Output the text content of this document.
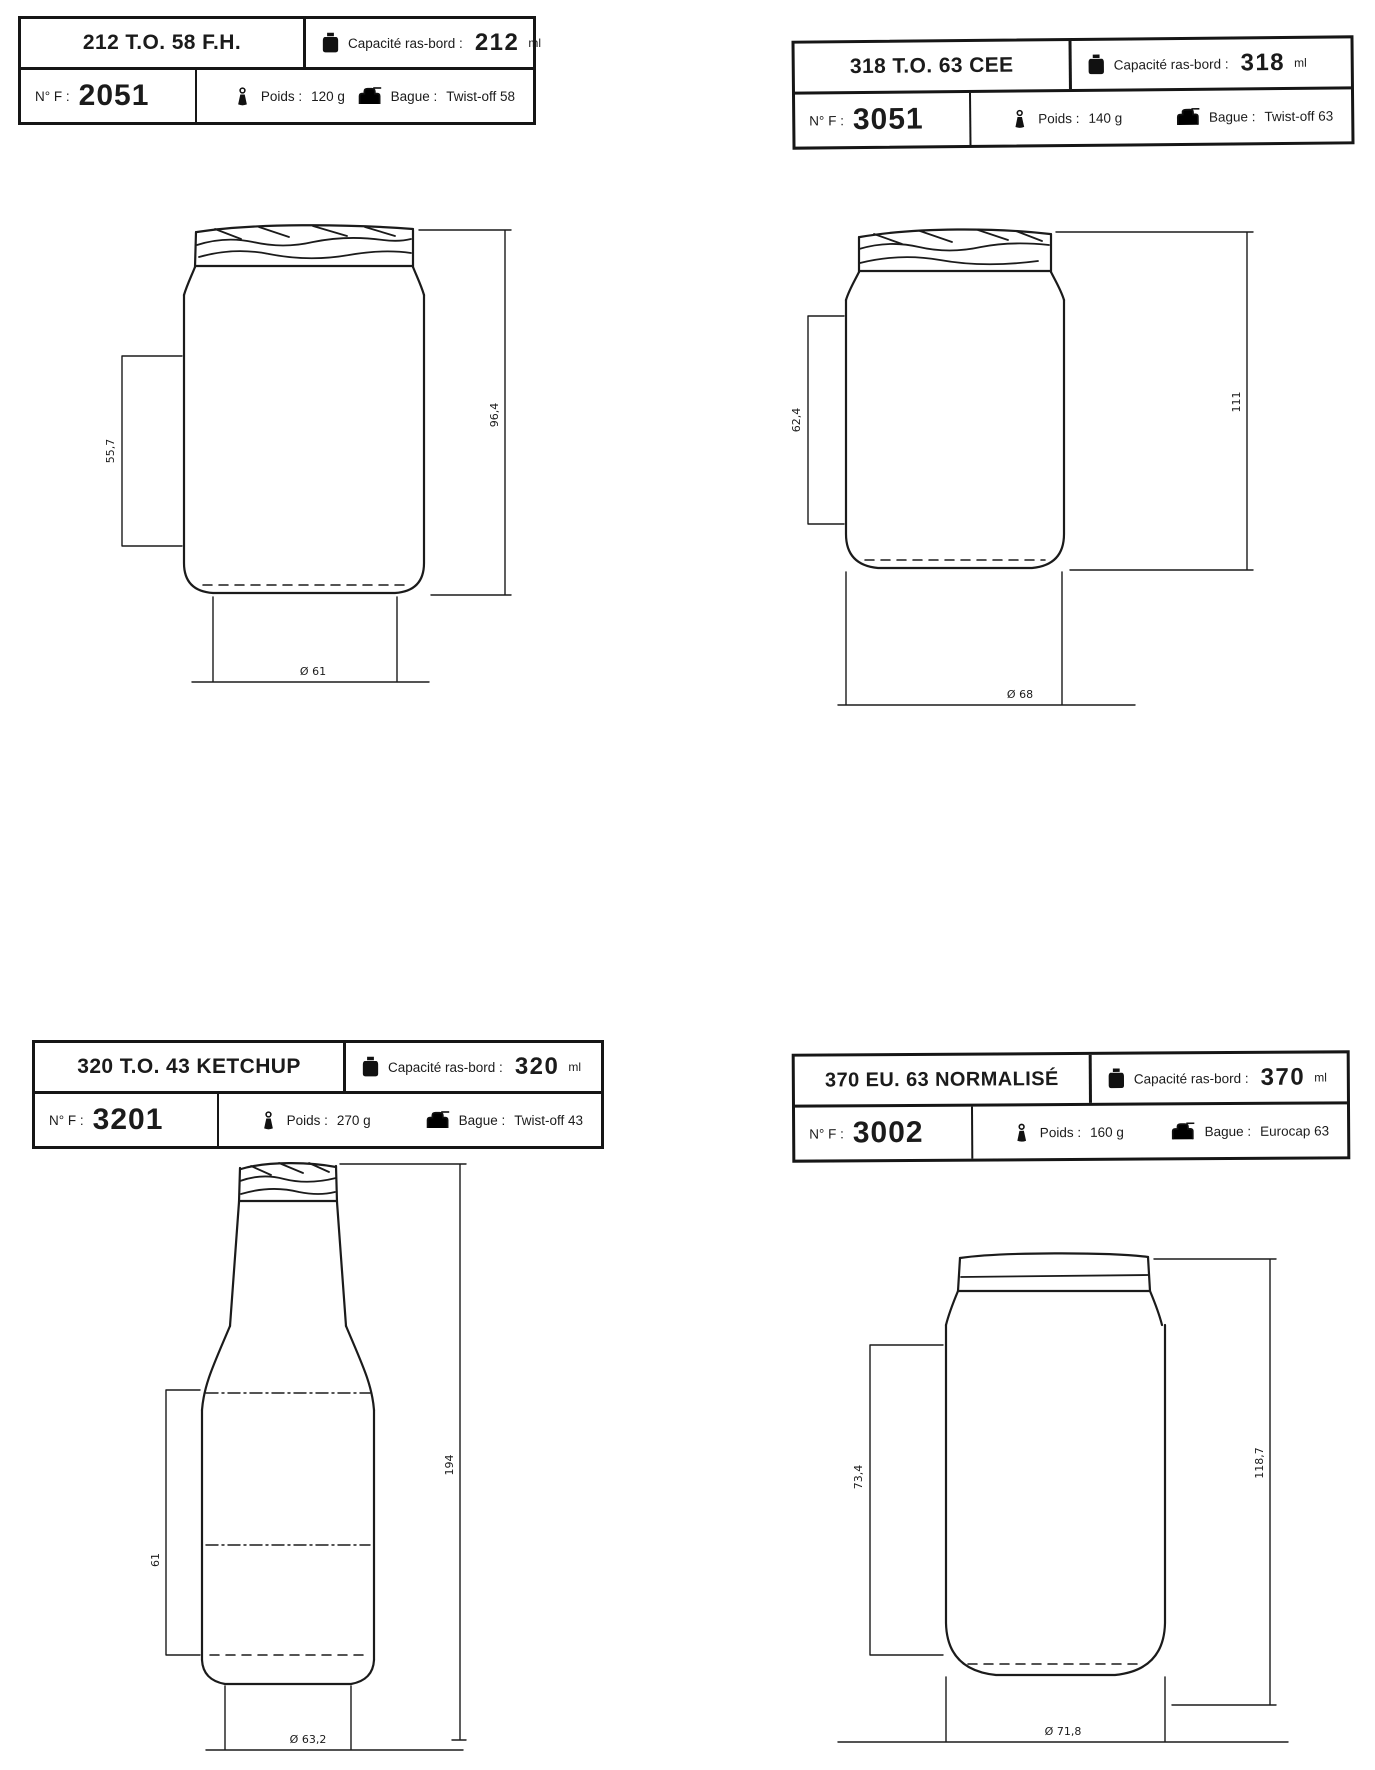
212 T.O. 58 F.H.	Capacité ras-bord : 212 ml
N° F : 2051	Poids : 120 g	Bague : Twist-off 58
318 T.O. 63 CEE	Capacité ras-bord : 318 ml
N° F : 3051	Poids : 140 g	Bague : Twist-off 63
320 T.O. 43 KETCHUP	Capacité ras-bord : 320 ml
N° F : 3201	Poids : 270 g	Bague : Twist-off 43
370 EU. 63 NORMALISÉ	Capacité ras-bord : 370 ml
N° F : 3002	Poids : 160 g	Bague : Eurocap 63
96,4
55,7
Ø 61
111
62,4
Ø 68
194
61
Ø 63,2
118,7
73,4
Ø 71,8
